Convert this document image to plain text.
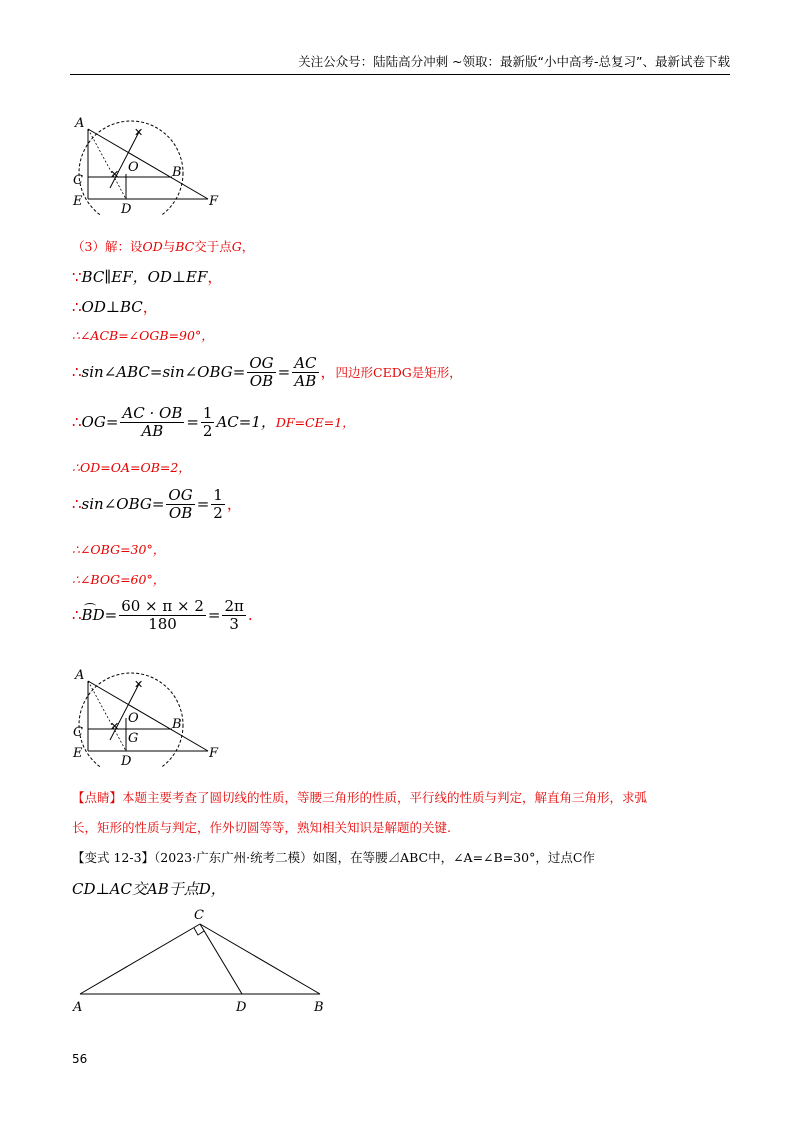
关注公众号：陆陆高分冲刺 ~领取：最新版“小中高考-总复习”、最新试卷下载
✕
✕
A
C
E
D
O	B
F
（3）解：设OD与BC交于点G，
∵BC∥EF，OD⊥EF，
∴OD⊥BC，
∴∠ACB=∠OGB=90°，
∴sin∠ABC=sin∠OBG= $\frac{OG}{OB} = \frac{AC}{AB}$ ，四边形CEDG是矩形，
∴OG= $\frac{AC \cdot OB}{AB} = \frac{1}{2} AC=1$，DF=CE=1，
∴OD=OA=OB=2，
∴sin∠OBG= $\frac{OG}{OB} = \frac{1}{2}$ ，
∴∠OBG=30°，
∴∠BOG=60°，
∴BD= $\frac{60 \times \pi \times 2}{180} = \frac{2\pi}{3}$ .
✕
✕
A
C
E
D
O
G
B
F
【点睛】本题主要考查了圆切线的性质，等腰三角形的性质，平行线的性质与判定，解直角三角形，求弧
长，矩形的性质与判定，作外切圆等等，熟知相关知识是解题的关键.
【变式 12-3】（2023·广东广州·统考二模）如图，在等腰⊿ABC中，∠A=∠B=30°，过点C作
CD⊥AC交AB于点D，
C
A	D	B
56
